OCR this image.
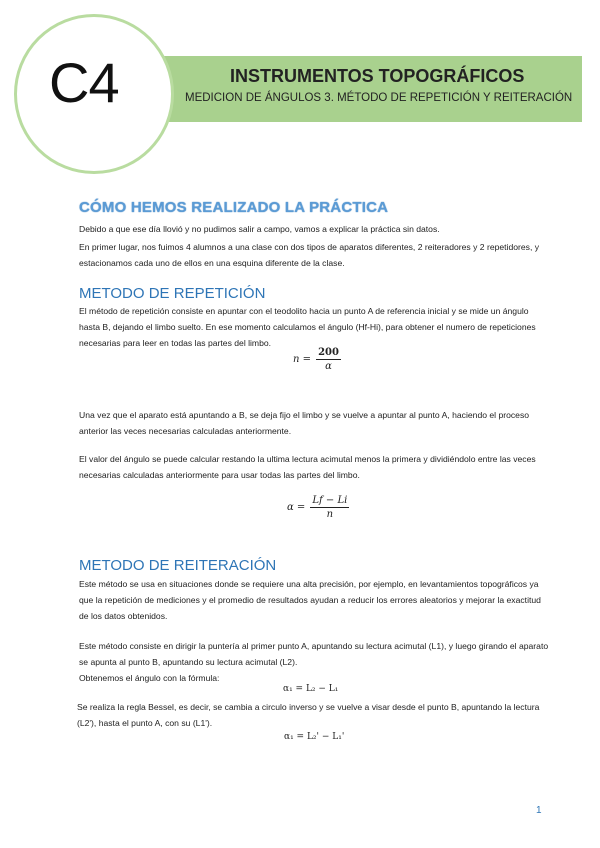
C4	INSTRUMENTOS TOPOGRÁFICOS
MEDICION DE ÁNGULOS 3. MÉTODO DE REPETICIÓN Y REITERACIÓN
CÓMO HEMOS REALIZADO LA PRÁCTICA

Debido a que ese día llovió y no pudimos salir a campo, vamos a explicar la práctica sin datos.

En primer lugar, nos fuimos 4 alumnos a una clase con dos tipos de aparatos diferentes, 2 reiteradores y 2 repetidores, y estacionamos cada uno de ellos en una esquina diferente de la clase.

METODO DE REPETICIÓN
El método de repetición consiste en apuntar con el teodolito hacia un punto A de referencia inicial y se mide un ángulo hasta B, dejando el limbo suelto. En ese momento calculamos el ángulo (Hf-Hi), para obtener el numero de repeticiones necesarias para leer en todas las partes del limbo.
$n = \frac{200}{\alpha}$
Una vez que el aparato está apuntando a B, se deja fijo el limbo y se vuelve a apuntar al punto A, haciendo el proceso anterior las veces necesarias calculadas anteriormente.
El valor del ángulo se puede calcular restando la ultima lectura acimutal menos la primera y dividiéndolo entre las veces necesarias calculadas anteriormente para usar todas las partes del limbo.
$\alpha = \frac{Lf - Li}{n}$
METODO DE REITERACIÓN
Este método se usa en situaciones donde se requiere una alta precisión, por ejemplo, en levantamientos topográficos ya que la repetición de mediciones y el promedio de resultados ayudan a reducir los errores aleatorios y mejorar la exactitud de los datos obtenidos.
Este método consiste en dirigir la puntería al primer punto A, apuntando su lectura acimutal (L1), y luego girando el aparato se apunta al punto B, apuntando su lectura acimutal (L2).
Obtenemos el ángulo con la fórmula:
α₁ = L₂ − L₁
Se realiza la regla Bessel, es decir, se cambia a circulo inverso y se vuelve a visar desde el punto B, apuntando la lectura (L2'), hasta el punto A, con su (L1').
α₁ = L₂' − L₁'
1
